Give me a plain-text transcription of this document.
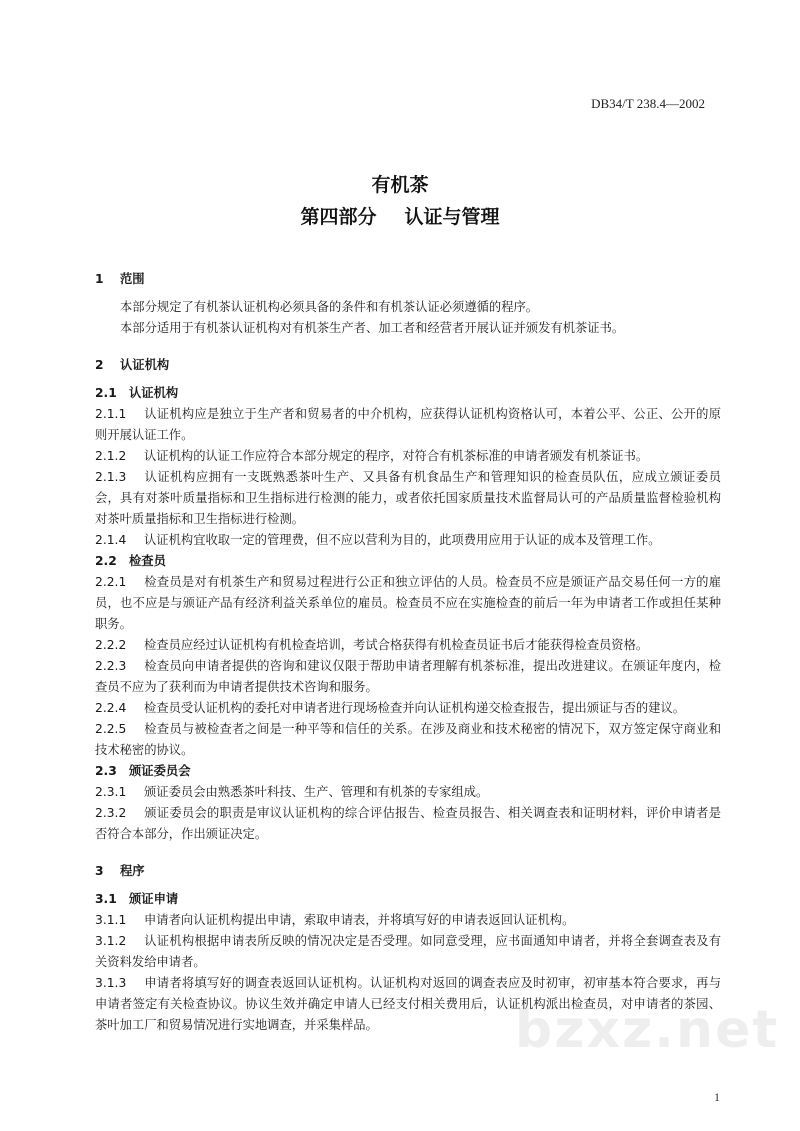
DB34/T 238.4—2002
有机茶
第四部分 认证与管理
1 范围
本部分规定了有机茶认证机构必须具备的条件和有机茶认证必须遵循的程序。
本部分适用于有机茶认证机构对有机茶生产者、加工者和经营者开展认证并颁发有机茶证书。
2 认证机构
2.1 认证机构
2.1.1 认证机构应是独立于生产者和贸易者的中介机构，应获得认证机构资格认可，本着公平、公正、公开的原则开展认证工作。
2.1.2 认证机构的认证工作应符合本部分规定的程序，对符合有机茶标准的申请者颁发有机茶证书。
2.1.3 认证机构应拥有一支既熟悉茶叶生产、又具备有机食品生产和管理知识的检查员队伍，应成立颁证委员会，具有对茶叶质量指标和卫生指标进行检测的能力，或者依托国家质量技术监督局认可的产品质量监督检验机构对茶叶质量指标和卫生指标进行检测。
2.1.4 认证机构宜收取一定的管理费，但不应以营利为目的，此项费用应用于认证的成本及管理工作。
2.2 检查员
2.2.1 检查员是对有机茶生产和贸易过程进行公正和独立评估的人员。检查员不应是颁证产品交易任何一方的雇员，也不应是与颁证产品有经济利益关系单位的雇员。检查员不应在实施检查的前后一年为申请者工作或担任某种职务。
2.2.2 检查员应经过认证机构有机检查培训，考试合格获得有机检查员证书后才能获得检查员资格。
2.2.3 检查员向申请者提供的咨询和建议仅限于帮助申请者理解有机茶标准，提出改进建议。在颁证年度内，检查员不应为了获利而为申请者提供技术咨询和服务。
2.2.4 检查员受认证机构的委托对申请者进行现场检查并向认证机构递交检查报告，提出颁证与否的建议。
2.2.5 检查员与被检查者之间是一种平等和信任的关系。在涉及商业和技术秘密的情况下，双方签定保守商业和技术秘密的协议。
2.3 颁证委员会
2.3.1 颁证委员会由熟悉茶叶科技、生产、管理和有机茶的专家组成。
2.3.2 颁证委员会的职责是审议认证机构的综合评估报告、检查员报告、相关调查表和证明材料，评价申请者是否符合本部分，作出颁证决定。
3 程序
3.1 颁证申请
3.1.1 申请者向认证机构提出申请，索取申请表，并将填写好的申请表返回认证机构。
3.1.2 认证机构根据申请表所反映的情况决定是否受理。如同意受理，应书面通知申请者，并将全套调查表及有关资料发给申请者。
3.1.3 申请者将填写好的调查表返回认证机构。认证机构对返回的调查表应及时初审，初审基本符合要求，再与申请者签定有关检查协议。协议生效并确定申请人已经支付相关费用后，认证机构派出检查员，对申请者的茶园、茶叶加工厂和贸易情况进行实地调查，并采集样品。	bzxz.net
1
